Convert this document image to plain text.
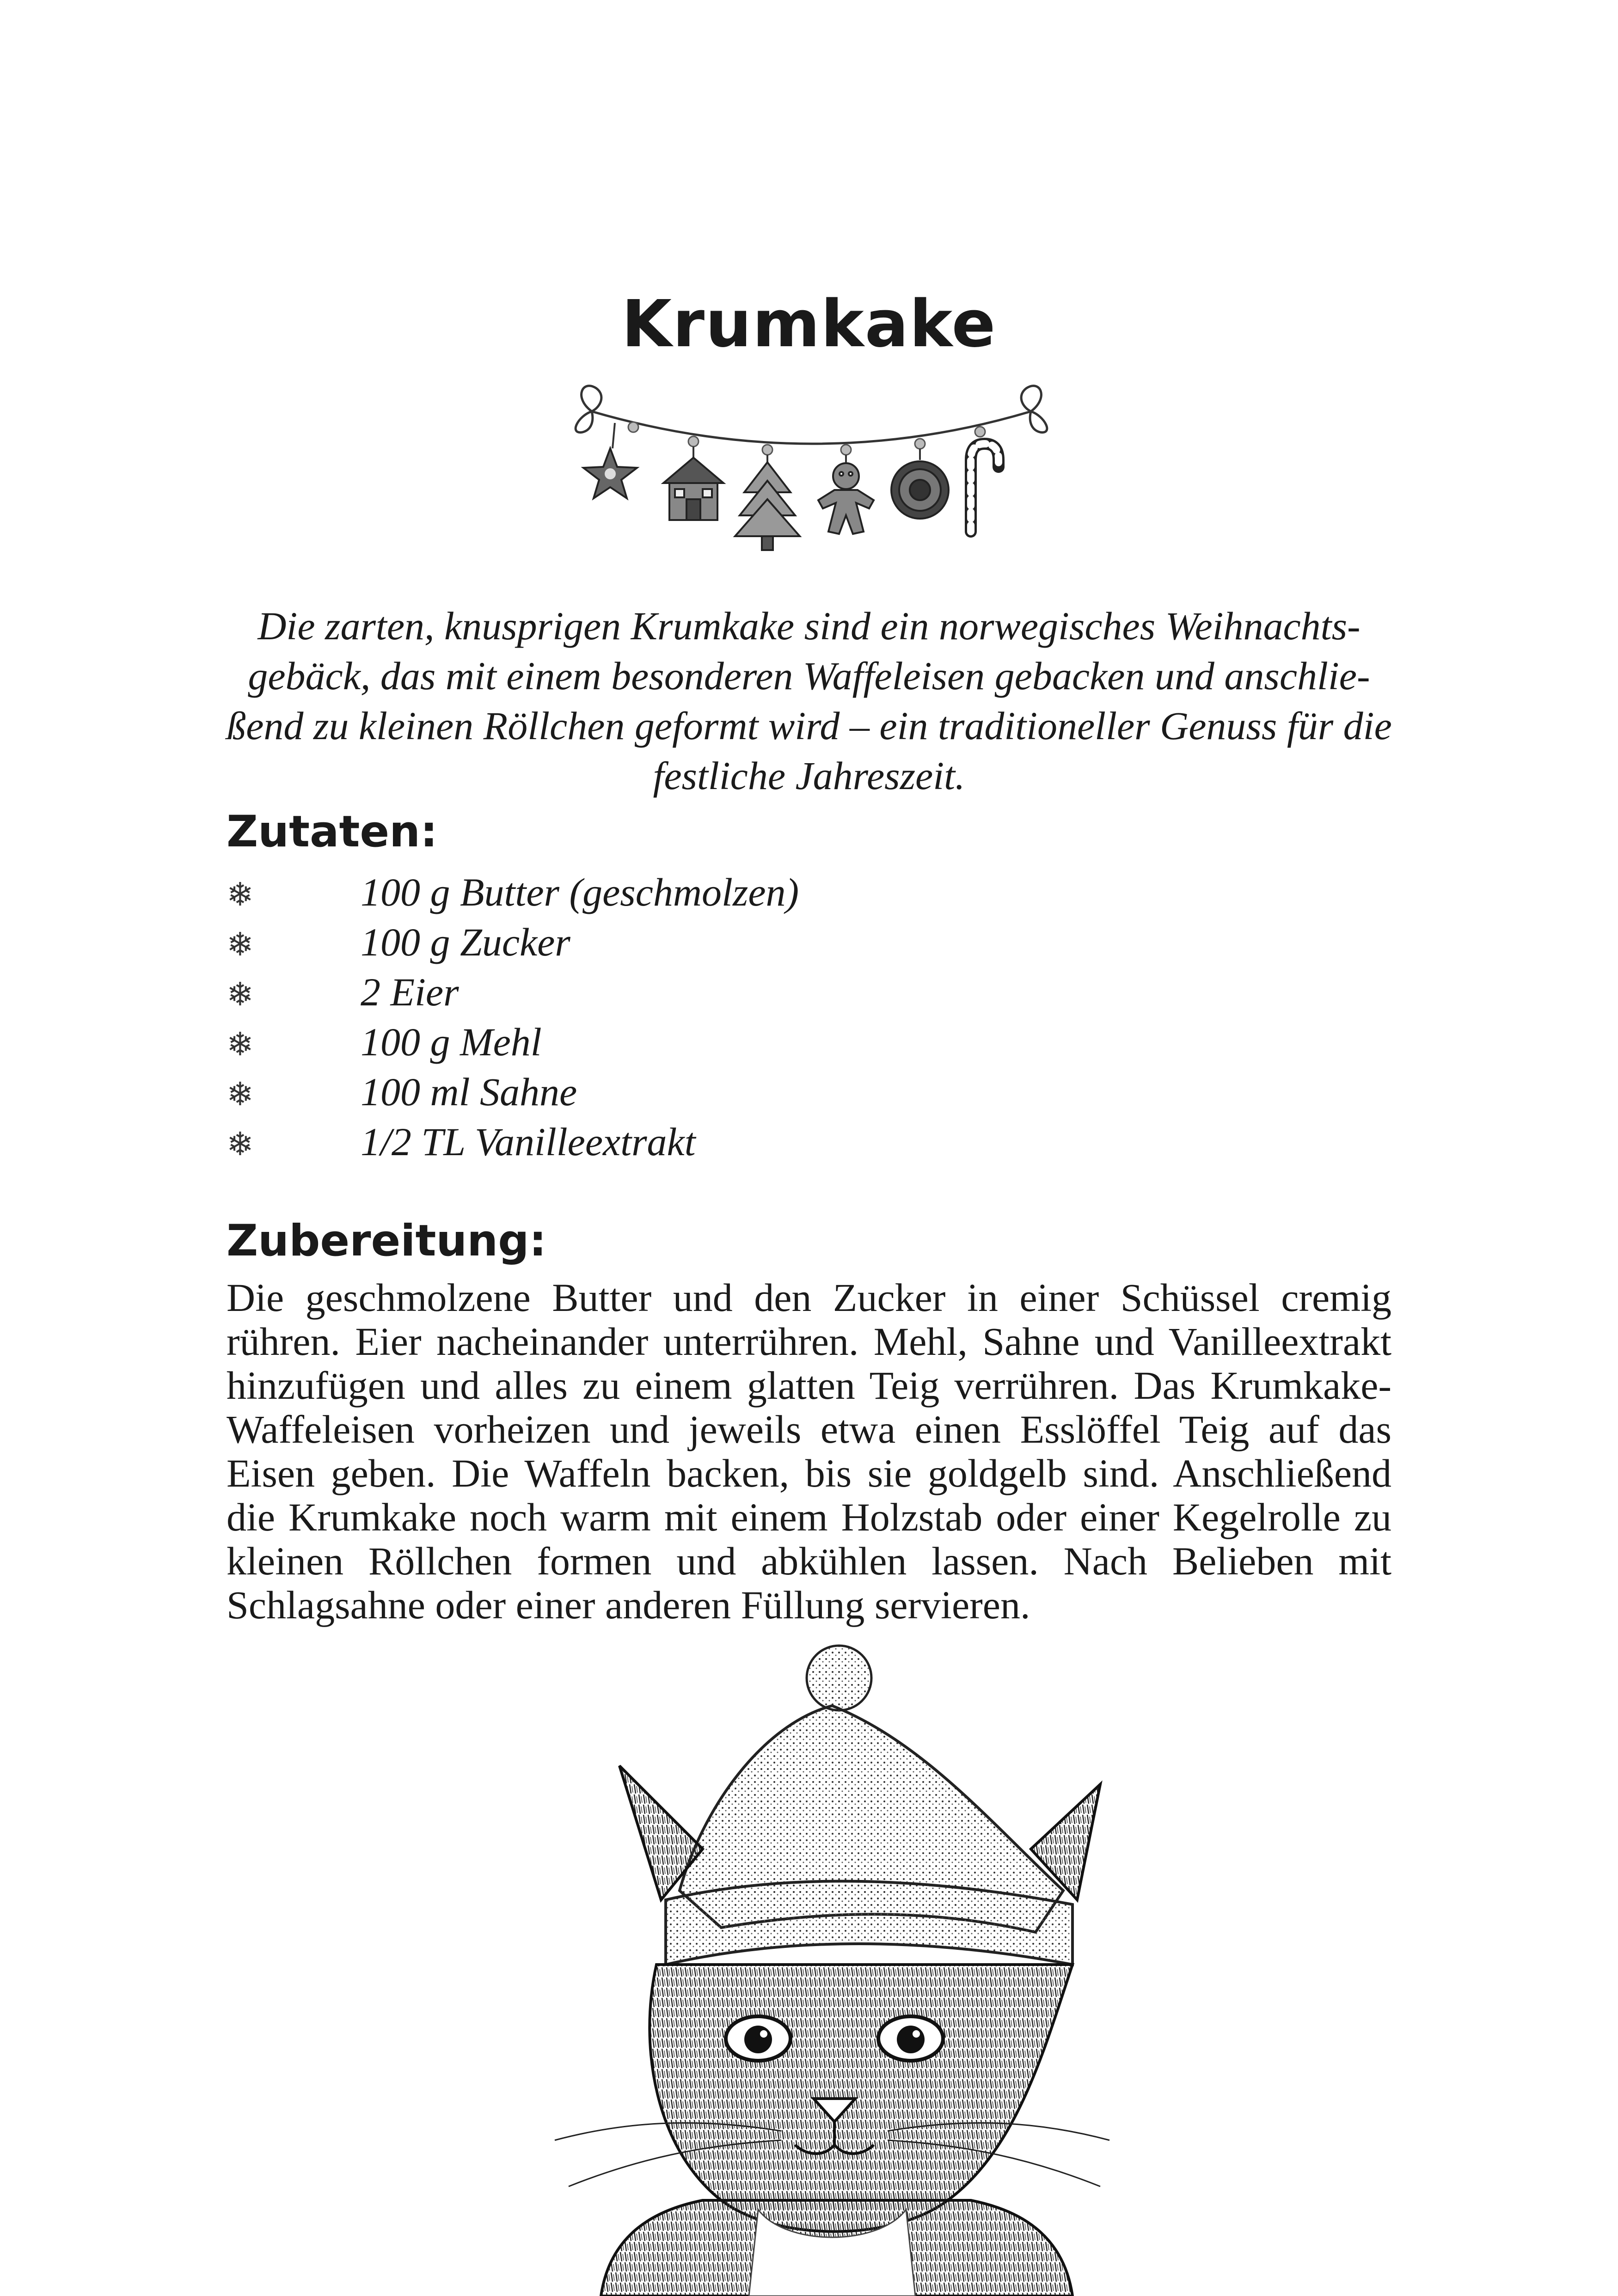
Krumkake

Die zarten, knusprigen Krumkake sind ein norwegisches Weihnachtsgebäck, das mit einem besonderen Waffeleisen gebacken und anschließend zu kleinen Röllchen geformt wird – ein traditioneller Genuss für die festliche Jahreszeit.

Zutaten:
❄	100 g Butter (geschmolzen)
❄	100 g Zucker
❄	2 Eier
❄	100 g Mehl
❄	100 ml Sahne
❄	1/2 TL Vanilleextrakt
Zubereitung:

Die geschmolzene Butter und den Zucker in einer Schüssel cremig rühren. Eier nacheinander unterrühren. Mehl, Sahne und Vanilleextrakt hinzufügen und alles zu einem glatten Teig verrühren. Das Krumkake-Waffeleisen vorheizen und jeweils etwa einen Esslöffel Teig auf das Eisen geben. Die Waffeln backen, bis sie goldgelb sind. Anschließend die Krumkake noch warm mit einem Holzstab oder einer Kegelrolle zu kleinen Röllchen formen und abkühlen lassen. Nach Belieben mit Schlagsahne oder einer anderen Füllung servieren.
